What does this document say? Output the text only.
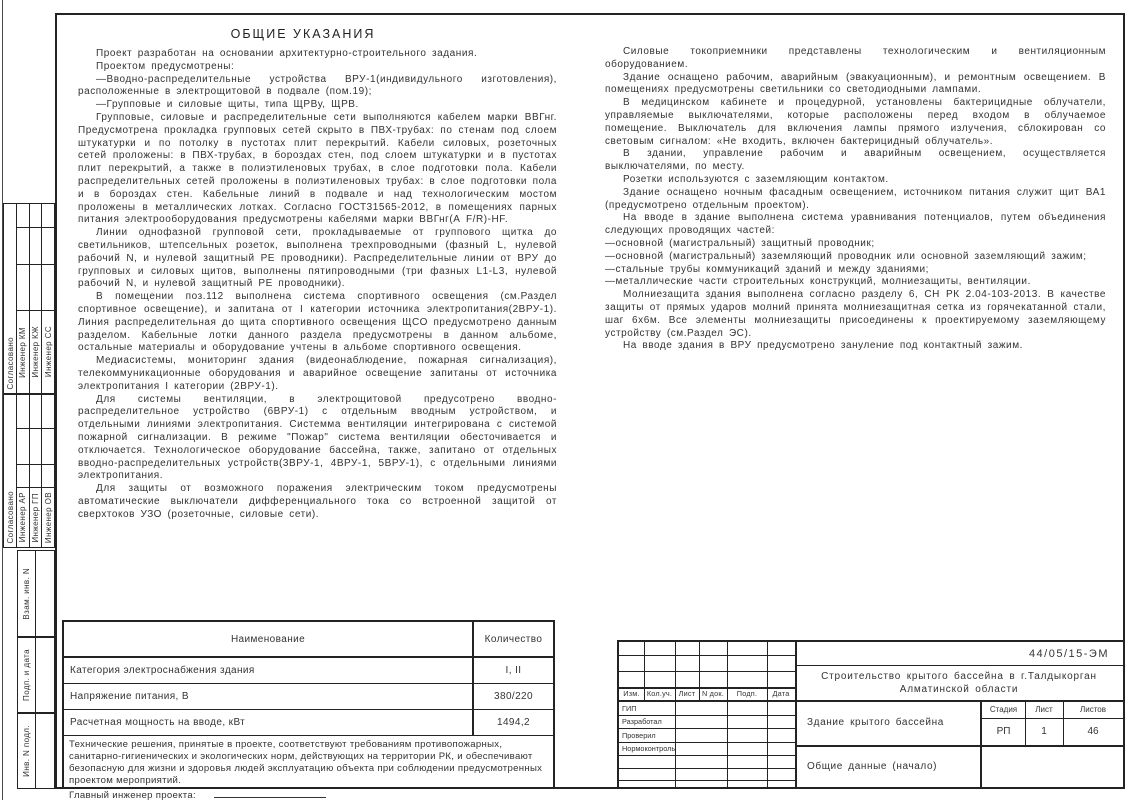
ОБЩИЕ УКАЗАНИЯ

Проект разработан на основании архитектурно-строительного задания.

Проектом предусмотрены:

—Вводно-распределительные устройства ВРУ-1(индивидульного изготовления), расположенные в электрощитовой в подвале (пом.19);

—Групповые и силовые щиты, типа ЩРВу, ЩРВ.

Групповые, силовые и распределительные сети выполняются кабелем марки ВВГнг. Предусмотрена прокладка групповых сетей скрыто в ПВХ-трубах: по стенам под слоем штукатурки и по потолку в пустотах плит перекрытий. Кабели силовых, розеточных сетей проложены: в ПВХ-трубах, в бороздах стен, под слоем штукатурки и в пустотах плит перекрытий, а также в полиэтиленовых трубах, в слое подготовки пола. Кабели распределительных сетей проложены в полиэтиленовых трубах: в слое подготовки пола и в бороздах стен. Кабельные линий в подвале и над технологическим мостом проложены в металлических лотках. Согласно ГОСТ31565-2012, в помещениях парных питания электрооборудования предусмотрены кабелями марки ВВГнг(А F/R)-HF.

Линии однофазной групповой сети, прокладываемые от группового щитка до светильников, штепсельных розеток, выполнена трехпроводными (фазный L, нулевой рабочий N, и нулевой защитный PE проводники). Распределительные линии от ВРУ до групповых и силовых щитов, выполнены пятипроводными (три фазных L1-L3, нулевой рабочий N, и нулевой защитный PE проводники).

В помещении поз.112 выполнена система спортивного освещения (см.Раздел спортивное освещение), и запитана от I категории источника электропитания(2ВРУ-1). Линия распределительная до щита спортивного освещения ЩСО предусмотрено данным разделом. Кабельные лотки данного раздела предусмотрены в данном альбоме, остальные материалы и оборудование учтены в альбоме спортивного освещения.

Медиасистемы, мониторинг здания (видеонаблюдение, пожарная сигнализация), телекоммуникационные оборудования и аварийное освещение запитаны от источника электропитания I категории (2ВРУ-1).

Для системы вентиляции, в электрощитовой предусотрено вводно-распределительное устройство (6ВРУ-1) с отдельным вводным устройством, и отдельными линиями электропитания. Системма вентиляции интегрирована с системой пожарной сигнализации. В режиме "Пожар" система вентиляции обесточивается и отключается. Технологическое оборудование бассейна, также, запитано от отдельных вводно-распределительных устройств(3ВРУ-1, 4ВРУ-1, 5ВРУ-1), с отдельными линиями электропитания.

Для защиты от возможного поражения электрическим током предусмотрены автоматические выключатели дифференциального тока со встроенной защитой от сверхтоков УЗО (розеточные, силовые сети).

Силовые токоприемники представлены технологическим и вентиляционным оборудованием.

Здание оснащено рабочим, аварийным (эвакуационным), и ремонтным освещением. В помещениях предусмотрены светильники со светодиодными лампами.

В медицинском кабинете и процедурной, установлены бактерицидные облучатели, управляемые выключателями, которые расположены перед входом в облучаемое помещение. Выключатель для включения лампы прямого излучения, сблокирован со световым сигналом: «Не входить, включен бактерицидный облучатель».

В здании, управление рабочим и аварийным освещением, осуществляется выключателями, по месту.

Розетки используются с заземляющим контактом.

Здание оснащено ночным фасадным освещением, источником питания служит щит ВА1 (предусмотрено отдельным проектом).

На вводе в здание выполнена система уравнивания потенциалов, путем объединения следующих проводящих частей:

—основной (магистральный) защитный проводник;

—основной (магистральный) заземляющий проводник или основной заземляющий зажим;

—стальные трубы коммуникаций зданий и между зданиями;

—металлические части строительных конструкций, молниезащиты, вентиляции.

Молниезащита здания выполнена согласно разделу 6, СН РК 2.04-103-2013. В качестве защиты от прямых ударов молний принята молниезащитная сетка из горячекатанной стали, шаг 6х6м. Все элементы молниезащиты присоединены к проектируемому заземляющему устройству (см.Раздел ЭС).

На вводе здания в ВРУ предусмотрено зануление под контактный зажим.

Наименование	Количество
Категория электроснабжения здания	I, II
Напряжение питания, В	380/220
Расчетная мощность на вводе, кВт	1494,2
Технические решения, принятые в проекте, соответствуют требованиям противопожарных, санитарно-гигиенических и экологических норм, действующих на территории РК, и обеспечивают безопасную для жизни и здоровья людей эксплуатацию объекта при соблюдении предусмотренных проектом мероприятий.
Главный инженер проекта:
Изм. Кол.уч. Лист N док.	Подп.	Дата
ГИП
Разработал
Проверил
Нормоконтроль
44/05/15-ЭМ
Строительство крытого бассейна в г.Талдыкорган
Алматинской области
Здание крытого бассейна
Общие данные (начало)
Стадия	Лист	Листов
РП	1	46
Согласовано Инженер КМ Инженер КЖ Инженер СС
Согласовано Инженер АР Инженер ГП Инженер ОВ
Взам. инв. N
Подп. и дата
Инв. N подл.
